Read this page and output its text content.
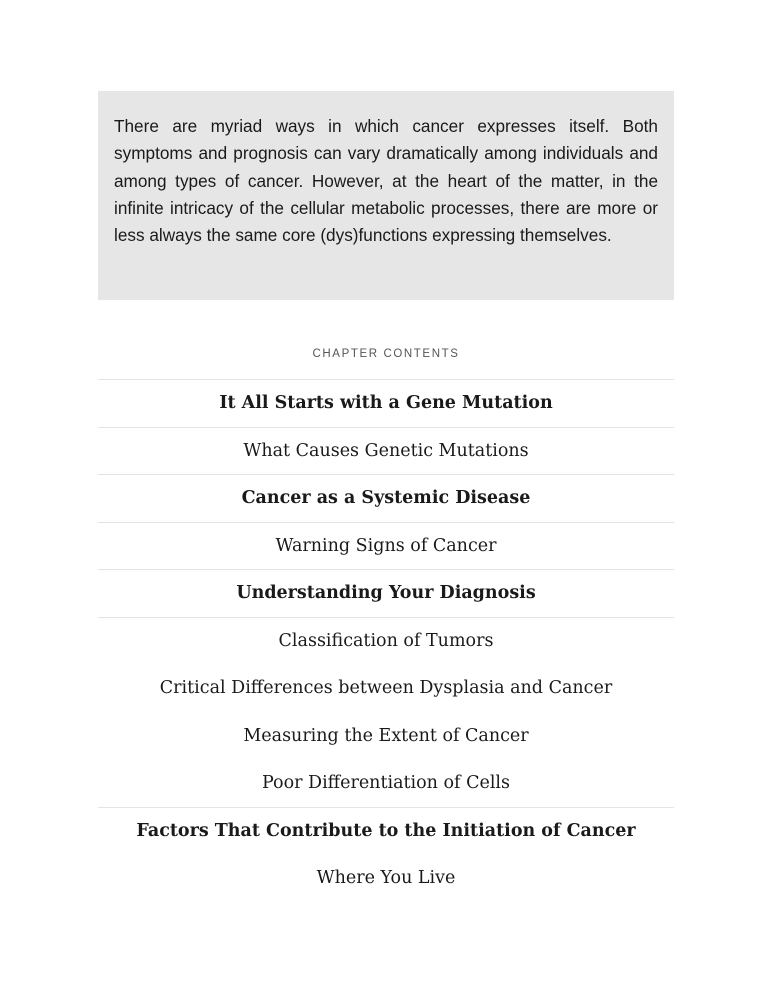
There are myriad ways in which cancer expresses itself. Both symptoms and prognosis can vary dramatically among individuals and among types of cancer. However, at the heart of the matter, in the infinite intricacy of the cellular metabolic processes, there are more or less always the same core (dys)functions expressing themselves.

CHAPTER CONTENTS
It All Starts with a Gene Mutation
What Causes Genetic Mutations
Cancer as a Systemic Disease
Warning Signs of Cancer
Understanding Your Diagnosis
Classification of Tumors
Critical Differences between Dysplasia and Cancer
Measuring the Extent of Cancer
Poor Differentiation of Cells
Factors That Contribute to the Initiation of Cancer
Where You Live
